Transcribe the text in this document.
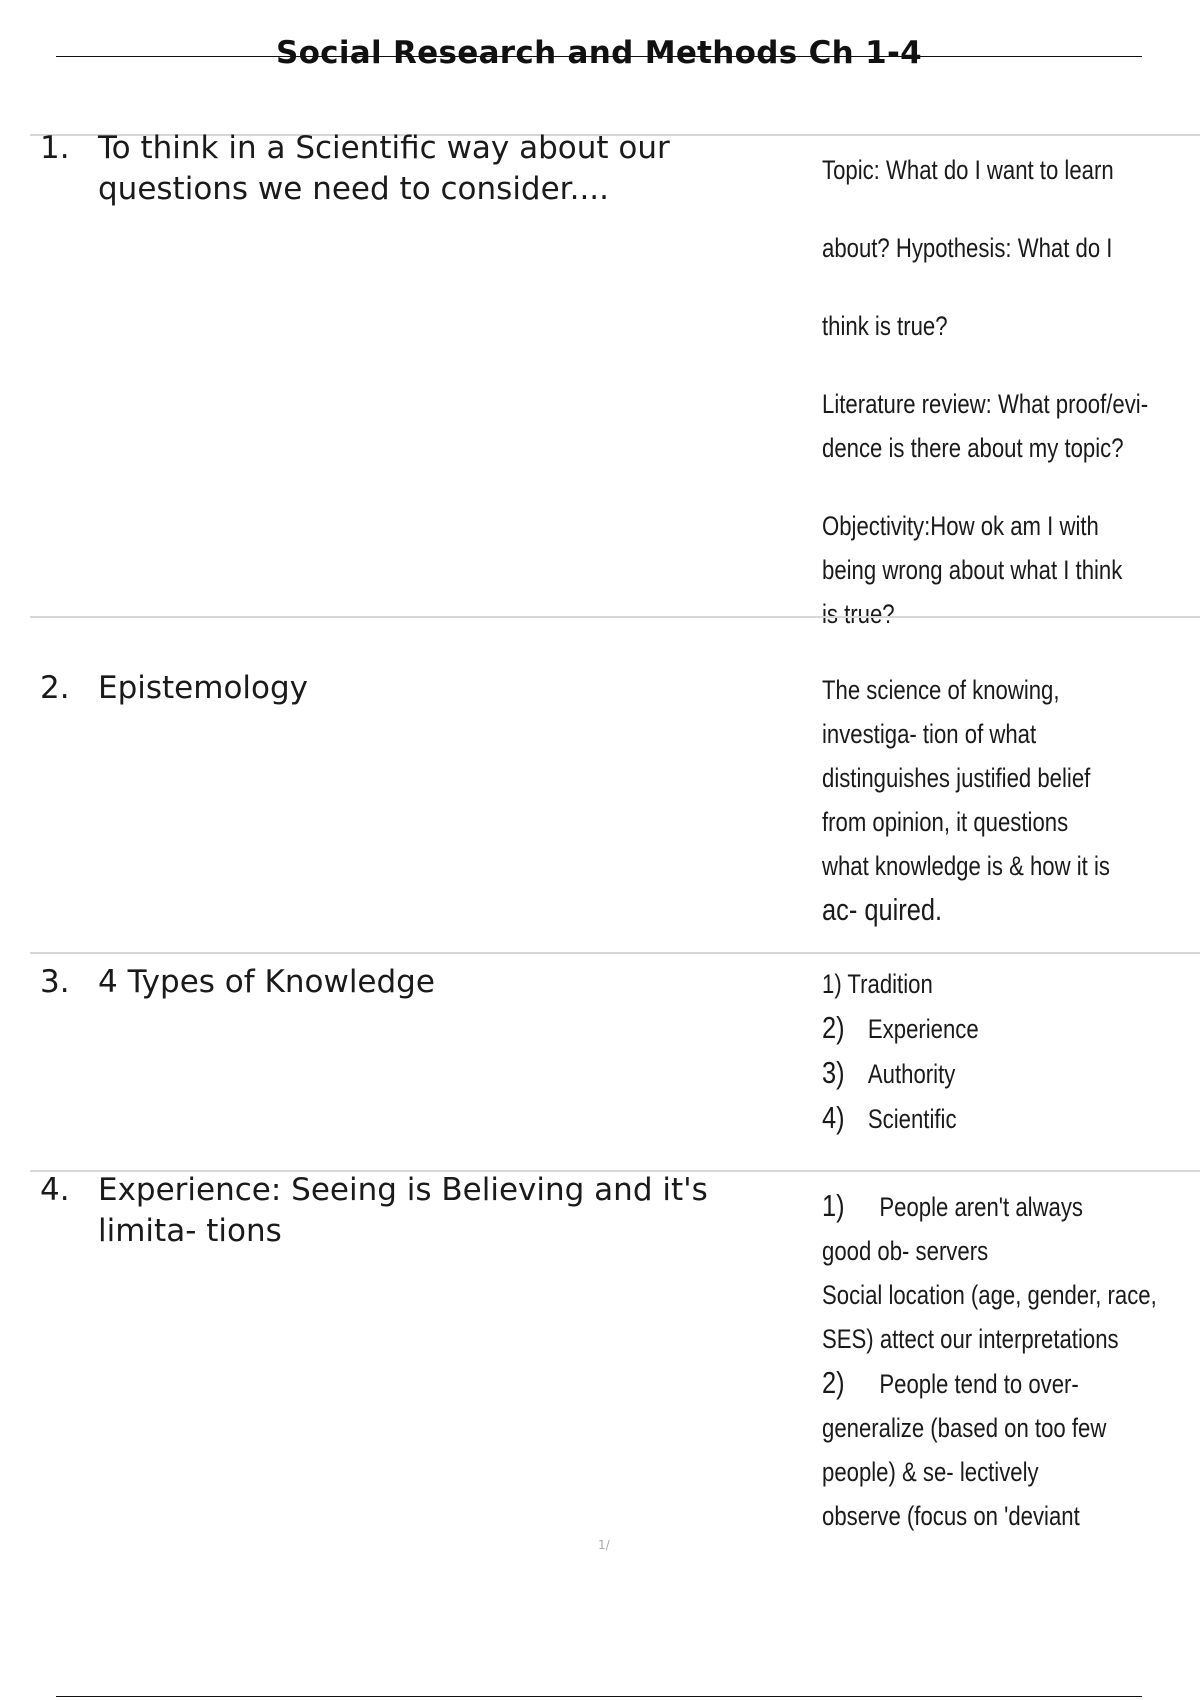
Social Research and Methods Ch 1-4
1. To think in a Scientific way about our questions we need to consider....
Topic: What do I want to learn
about? Hypothesis: What do I
think is true?
Literature review: What proof/evi-
dence is there about my topic?
Objectivity:How ok am I with
being wrong about what I think
is true?
2. Epistemology	The science of knowing,
investiga- tion of what
distinguishes justified belief
from opinion, it questions
what knowledge is & how it is
ac- quired.
3. 4 Types of Knowledge	1) Tradition
2) Experience
3) Authority
4) Scientific
4. Experience: Seeing is Believing and it's limita- tions
1) People aren't always
good ob- servers
Social location (age, gender, race,
SES) attect our interpretations
2) People tend to over-
generalize (based on too few
people) & se- lectively
observe (focus on 'deviant
1/
